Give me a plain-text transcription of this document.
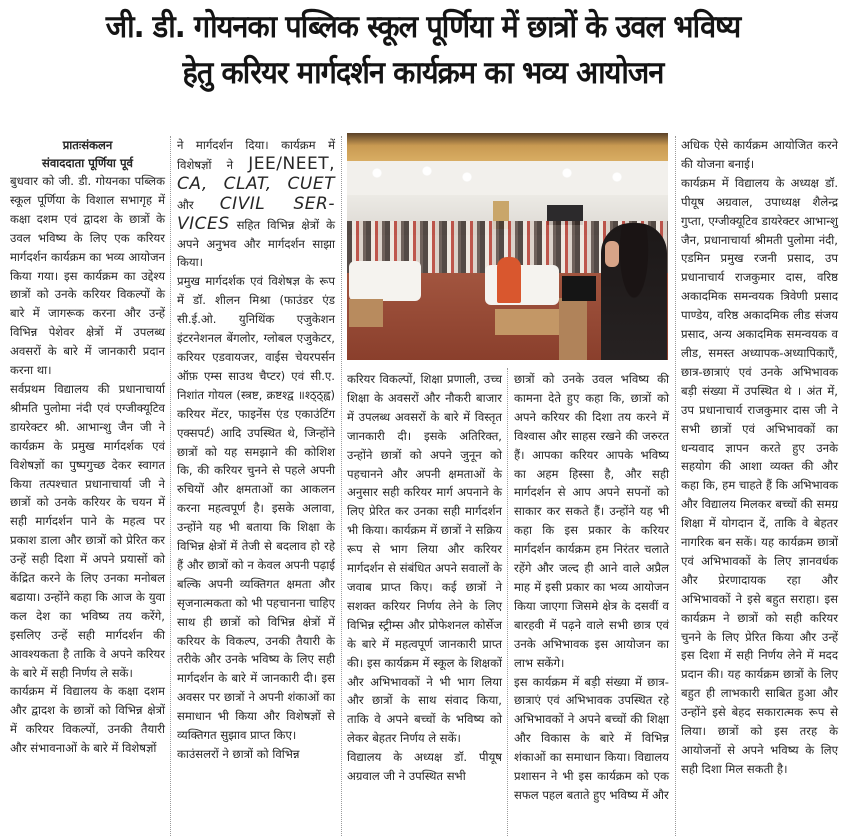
जी. डी. गोयनका पब्लिक स्कूल पूर्णिया में छात्रों के उवल भविष्य
हेतु करियर मार्गदर्शन कार्यक्रम का भव्य आयोजन

प्रातःसंकलन

संवाददाता पूर्णिया पूर्व

बुधवार को जी. डी. गोयनका पब्लिक स्कूल पूर्णिया के विशाल सभागृह में कक्षा दशम एवं द्वादश के छात्रों के उवल भविष्य के लिए एक करियर मार्गदर्शन कार्यक्रम का भव्य आयोजन किया गया। इस कार्यक्रम का उद्देश्य छात्रों को उनके करियर विकल्पों के बारे में जागरूक करना और उन्हें विभिन्न पेशेवर क्षेत्रों में उपलब्ध अवसरों के बारे में जानकारी प्रदान करना था।

सर्वप्रथम विद्यालय की प्रधानाचार्या श्रीमति पुलोमा नंदी एवं एग्जीक्यूटिव डायरेक्टर श्री. आभान्शु जैन जी ने कार्यक्रम के प्रमुख मार्गदर्शक एवं विशेषज्ञों का पुष्पगुच्छ देकर स्वागत किया तत्पश्चात प्रधानाचार्या जी ने छात्रों को उनके करियर के चयन में सही मार्गदर्शन पाने के महत्व पर प्रकाश डाला और छात्रों को प्रेरित कर उन्हें सही दिशा में अपने प्रयासों को केंद्रित करने के लिए उनका मनोबल बढाया। उन्होंने कहा कि आज के युवा कल देश का भविष्य तय करेंगे, इसलिए उन्हें सही मार्गदर्शन की आवश्यकता है ताकि वे अपने करियर के बारे में सही निर्णय ले सकें।

कार्यक्रम में विद्यालय के कक्षा दशम और द्वादश के छात्रों को विभिन्न क्षेत्रों में करियर विकल्पों, उनकी तैयारी और संभावनाओं के बारे में विशेषज्ञों

ने मार्गदर्शन दिया। कार्यक्रम में विशेषज्ञों ने JEE/NEET, CA, CLAT, CUET और CIVIL SER-VICES सहित विभिन्न क्षेत्रों के अपने अनुभव और मार्गदर्शन साझा किया।

प्रमुख मार्गदर्शक एवं विशेषज्ञ के रूप में डॉ. शीलन मिश्रा (फाउंडर एंड सी.ई.ओ. युनिथिंक एजुकेशन इंटरनेशनल बेंगलोर, ग्लोबल एजुकेटर, करियर एडवायजर, वाईस चेयरपर्सन ऑफ़ एम्स साउथ चैप्टर) एवं सी.ए. निशांत गोयल (स्त्रष्ट, क्रष्टश्द्व ॥श्ठ्ठ्ह्व) करियर मेंटर, फाइनेंस एंड एकाउंटिंग एक्सपर्ट) आदि उपस्थित थे, जिन्होंने छात्रों को यह समझाने की कोशिश कि, की करियर चुनने से पहले अपनी रुचियों और क्षमताओं का आकलन करना महत्वपूर्ण है। इसके अलावा, उन्होंने यह भी बताया कि शिक्षा के विभिन्न क्षेत्रों में तेजी से बदलाव हो रहे हैं और छात्रों को न केवल अपनी पढ़ाई बल्कि अपनी व्यक्तिगत क्षमता और सृजनात्मकता को भी पहचानना चाहिए साथ ही छात्रों को विभिन्न क्षेत्रों में करियर के विकल्प, उनकी तैयारी के तरीके और उनके भविष्य के लिए सही मार्गदर्शन के बारे में जानकारी दी। इस अवसर पर छात्रों ने अपनी शंकाओं का समाधान भी किया और विशेषज्ञों से व्यक्तिगत सुझाव प्राप्त किए।

काउंसलरों ने छात्रों को विभिन्न

करियर विकल्पों, शिक्षा प्रणाली, उच्च शिक्षा के अवसरों और नौकरी बाजार में उपलब्ध अवसरों के बारे में विस्तृत जानकारी दी। इसके अतिरिक्त, उन्होंने छात्रों को अपने जुनून को पहचानने और अपनी क्षमताओं के अनुसार सही करियर मार्ग अपनाने के लिए प्रेरित कर उनका सही मार्गदर्शन भी किया। कार्यक्रम में छात्रों ने सक्रिय रूप से भाग लिया और करियर मार्गदर्शन से संबंधित अपने सवालों के जवाब प्राप्त किए। कई छात्रों ने सशक्त करियर निर्णय लेने के लिए विभिन्न स्ट्रीम्स और प्रोफेशनल कोर्सेज के बारे में महत्वपूर्ण जानकारी प्राप्त की। इस कार्यक्रम में स्कूल के शिक्षकों और अभिभावकों ने भी भाग लिया और छात्रों के साथ संवाद किया, ताकि वे अपने बच्चों के भविष्य को लेकर बेहतर निर्णय ले सकें।

विद्यालय के अध्यक्ष डॉ. पीयूष अग्रवाल जी ने उपस्थित सभी

छात्रों को उनके उवल भविष्य की कामना देते हुए कहा कि, छात्रों को अपने करियर की दिशा तय करने में विश्वास और साहस रखने की जरुरत हैं। आपका करियर आपके भविष्य का अहम हिस्सा है, और सही मार्गदर्शन से आप अपने सपनों को साकार कर सकते हैं। उन्होंने यह भी कहा कि इस प्रकार के करियर मार्गदर्शन कार्यक्रम हम निरंतर चलाते रहेंगे और जल्द ही आने वाले अप्रैल माह में इसी प्रकार का भव्य आयोजन किया जाएगा जिसमे क्षेत्र के दसवीं व बारहवी में पढ़ने वाले सभी छात्र एवं उनके अभिभावक इस आयोजन का लाभ सकेंगे।

इस कार्यक्रम में बड़ी संख्या में छात्र-छात्राएं एवं अभिभावक उपस्थित रहे अभिभावकों ने अपने बच्चों की शिक्षा और विकास के बारे में विभिन्न शंकाओं का समाधान किया। विद्यालय प्रशासन ने भी इस कार्यक्रम को एक सफल पहल बताते हुए भविष्य में और

अधिक ऐसे कार्यक्रम आयोजित करने की योजना बनाई।

कार्यक्रम में विद्यालय के अध्यक्ष डॉ. पीयूष अग्रवाल, उपाध्यक्ष शैलेन्द्र गुप्ता, एग्जीक्यूटिव डायरेक्टर आभान्शु जैन, प्रधानाचार्या श्रीमती पुलोमा नंदी, एडमिन प्रमुख रजनी प्रसाद, उप प्रधानाचार्य राजकुमार दास, वरिष्ठ अकादमिक समन्वयक त्रिवेणी प्रसाद पाण्डेय, वरिष्ठ अकादमिक लीड संजय प्रसाद, अन्य अकादमिक समन्वयक व लीड, समस्त अध्यापक-अध्यापिकाएँ, छात्र-छात्राएं एवं उनके अभिभावक बड़ी संख्या में उपस्थित थे । अंत में, उप प्रधानाचार्य राजकुमार दास जी ने सभी छात्रों एवं अभिभावकों का धन्यवाद ज्ञापन करते हुए उनके सहयोग की आशा व्यक्त की और कहा कि, हम चाहते हैं कि अभिभावक और विद्यालय मिलकर बच्चों की समग्र शिक्षा में योगदान दें, ताकि वे बेहतर नागरिक बन सकें। यह कार्यक्रम छात्रों एवं अभिभावकों के लिए ज्ञानवर्धक और प्रेरणादायक रहा और अभिभावकों ने इसे बहुत सराहा। इस कार्यक्रम ने छात्रों को सही करियर चुनने के लिए प्रेरित किया और उन्हें इस दिशा में सही निर्णय लेने में मदद प्रदान की। यह कार्यक्रम छात्रों के लिए बहुत ही लाभकारी साबित हुआ और उन्होंने इसे बेहद सकारात्मक रूप से लिया। छात्रों को इस तरह के आयोजनों से अपने भविष्य के लिए सही दिशा मिल सकती है।
